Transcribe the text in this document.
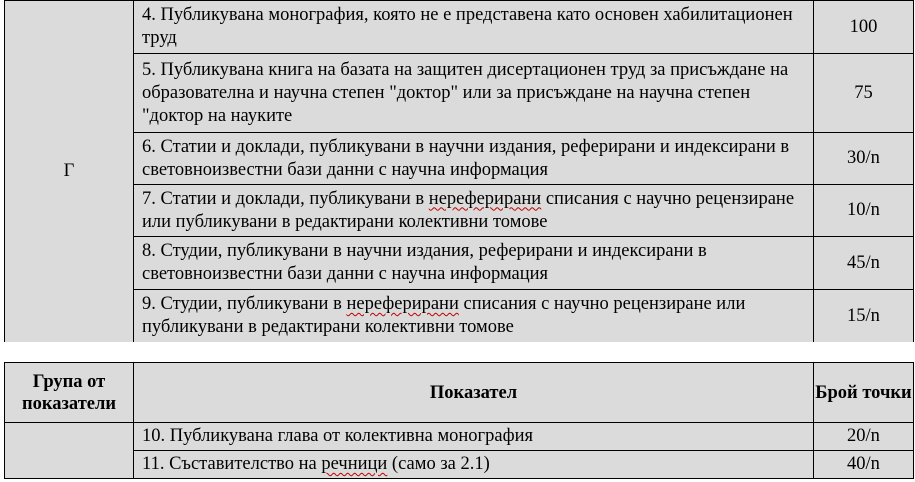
Г	4. Публикувана монография, която не е представена като основен хабилитационен труд	100
	5. Публикувана книга на базата на защитен дисертационен труд за присъждане на образователна и научна степен "доктор" или за присъждане на научна степен "доктор на науките	75
	6. Статии и доклади, публикувани в научни издания, реферирани и индексирани в световноизвестни бази данни с научна информация	30/n
	7. Статии и доклади, публикувани в нереферирани списания с научно рецензиране или публикувани в редактирани колективни томове	10/n
	8. Студии, публикувани в научни издания, реферирани и индексирани в световноизвестни бази данни с научна информация	45/n
	9. Студии, публикувани в нереферирани списания с научно рецензиране или публикувани в редактирани колективни томове	15/n
Група от показатели	Показател	Брой точки
	10. Публикувана глава от колективна монография	20/n
	11. Съставителство на речници (само за 2.1)	40/n
